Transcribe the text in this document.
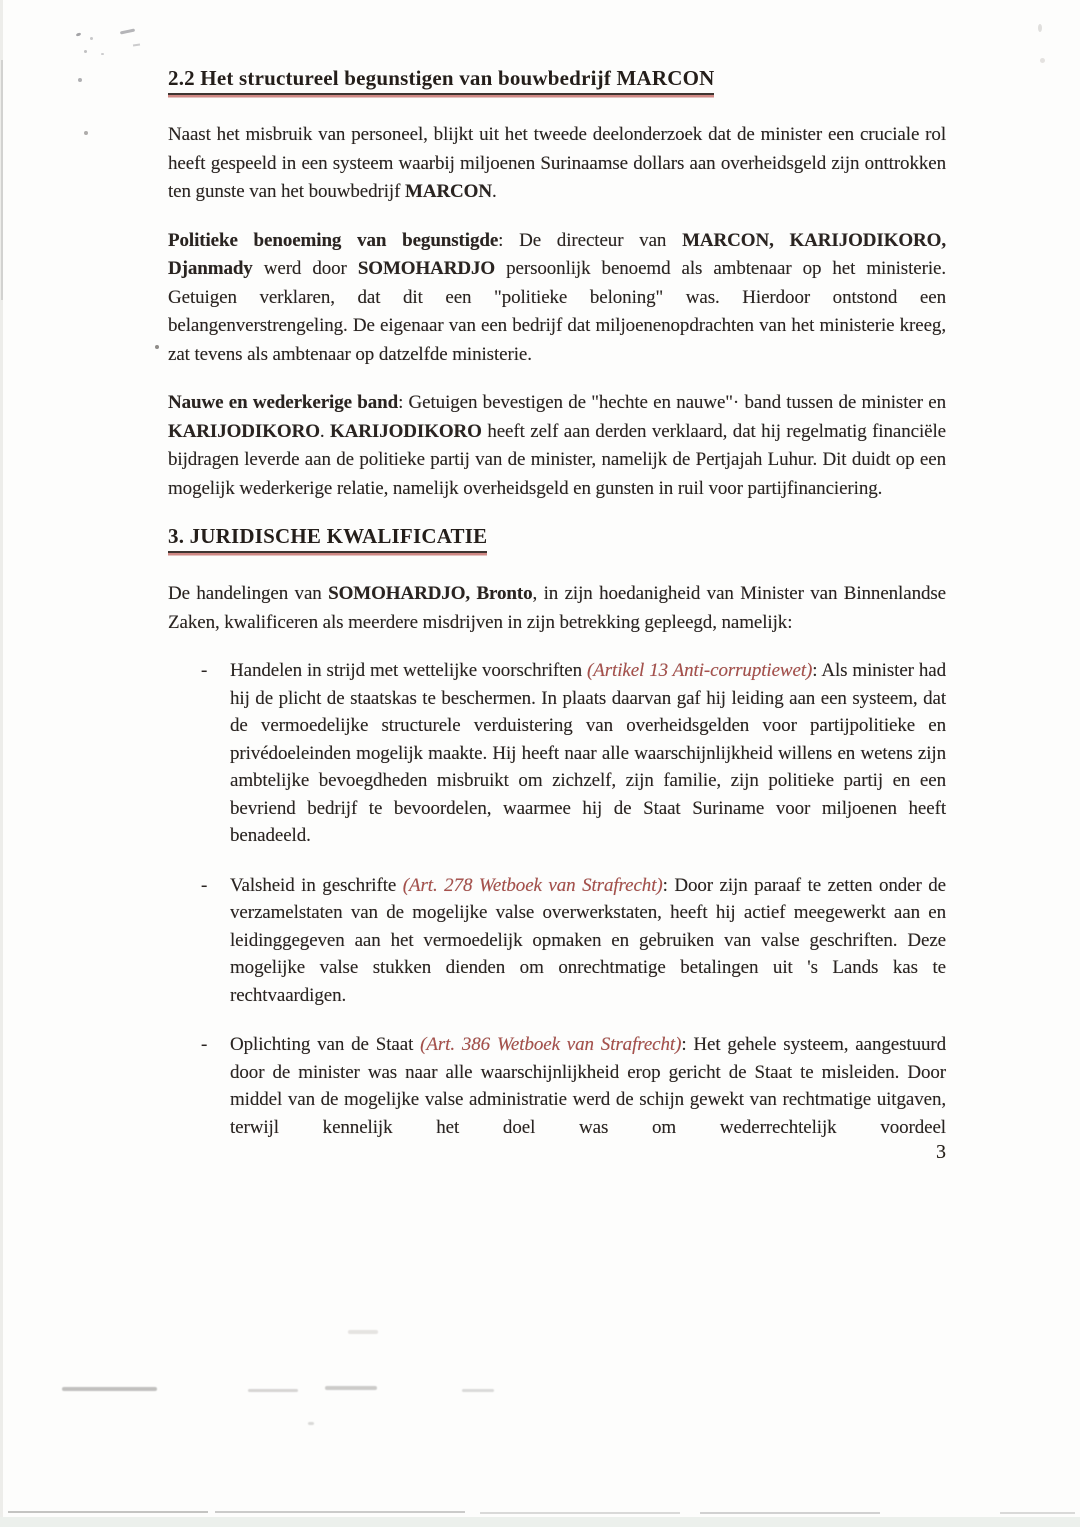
2.2 Het structureel begunstigen van bouwbedrijf MARCON

Naast het misbruik van personeel, blijkt uit het tweede deelonderzoek dat de minister een cruciale rol heeft gespeeld in een systeem waarbij miljoenen Surinaamse dollars aan overheidsgeld zijn onttrokken ten gunste van het bouwbedrijf MARCON.

Politieke benoeming van begunstigde: De directeur van MARCON, KARIJODIKORO, Djanmady werd door SOMOHARDJO persoonlijk benoemd als ambtenaar op het ministerie. Getuigen verklaren, dat dit een "politieke beloning" was. Hierdoor ontstond een belangenverstrengeling. De eigenaar van een bedrijf dat miljoenenopdrachten van het ministerie kreeg, zat tevens als ambtenaar op datzelfde ministerie.

Nauwe en wederkerige band: Getuigen bevestigen de "hechte en nauwe"· band tussen de minister en KARIJODIKORO. KARIJODIKORO heeft zelf aan derden verklaard, dat hij regelmatig financiële bijdragen leverde aan de politieke partij van de minister, namelijk de Pertjajah Luhur. Dit duidt op een mogelijk wederkerige relatie, namelijk overheidsgeld en gunsten in ruil voor partijfinanciering.

3. JURIDISCHE KWALIFICATIE

De handelingen van SOMOHARDJO, Bronto, in zijn hoedanigheid van Minister van Binnenlandse Zaken, kwalificeren als meerdere misdrijven in zijn betrekking gepleegd, namelijk:

- Handelen in strijd met wettelijke voorschriften (Artikel 13 Anti-corruptiewet): Als minister had hij de plicht de staatskas te beschermen. In plaats daarvan gaf hij leiding aan een systeem, dat de vermoedelijke structurele verduistering van overheidsgelden voor partijpolitieke en privédoeleinden mogelijk maakte. Hij heeft naar alle waarschijnlijkheid willens en wetens zijn ambtelijke bevoegdheden misbruikt om zichzelf, zijn familie, zijn politieke partij en een bevriend bedrijf te bevoordelen, waarmee hij de Staat Suriname voor miljoenen heeft benadeeld.
- Valsheid in geschrifte (Art. 278 Wetboek van Strafrecht): Door zijn paraaf te zetten onder de verzamelstaten van de mogelijke valse overwerkstaten, heeft hij actief meegewerkt aan en leidinggegeven aan het vermoedelijk opmaken en gebruiken van valse geschriften. Deze mogelijke valse stukken dienden om onrechtmatige betalingen uit 's Lands kas te rechtvaardigen.
- Oplichting van de Staat (Art. 386 Wetboek van Strafrecht): Het gehele systeem, aangestuurd door de minister was naar alle waarschijnlijkheid erop gericht de Staat te misleiden. Door middel van de mogelijke valse administratie werd de schijn gewekt van rechtmatige uitgaven, terwijl kennelijk het doel was om wederrechtelijk voordeel
3
